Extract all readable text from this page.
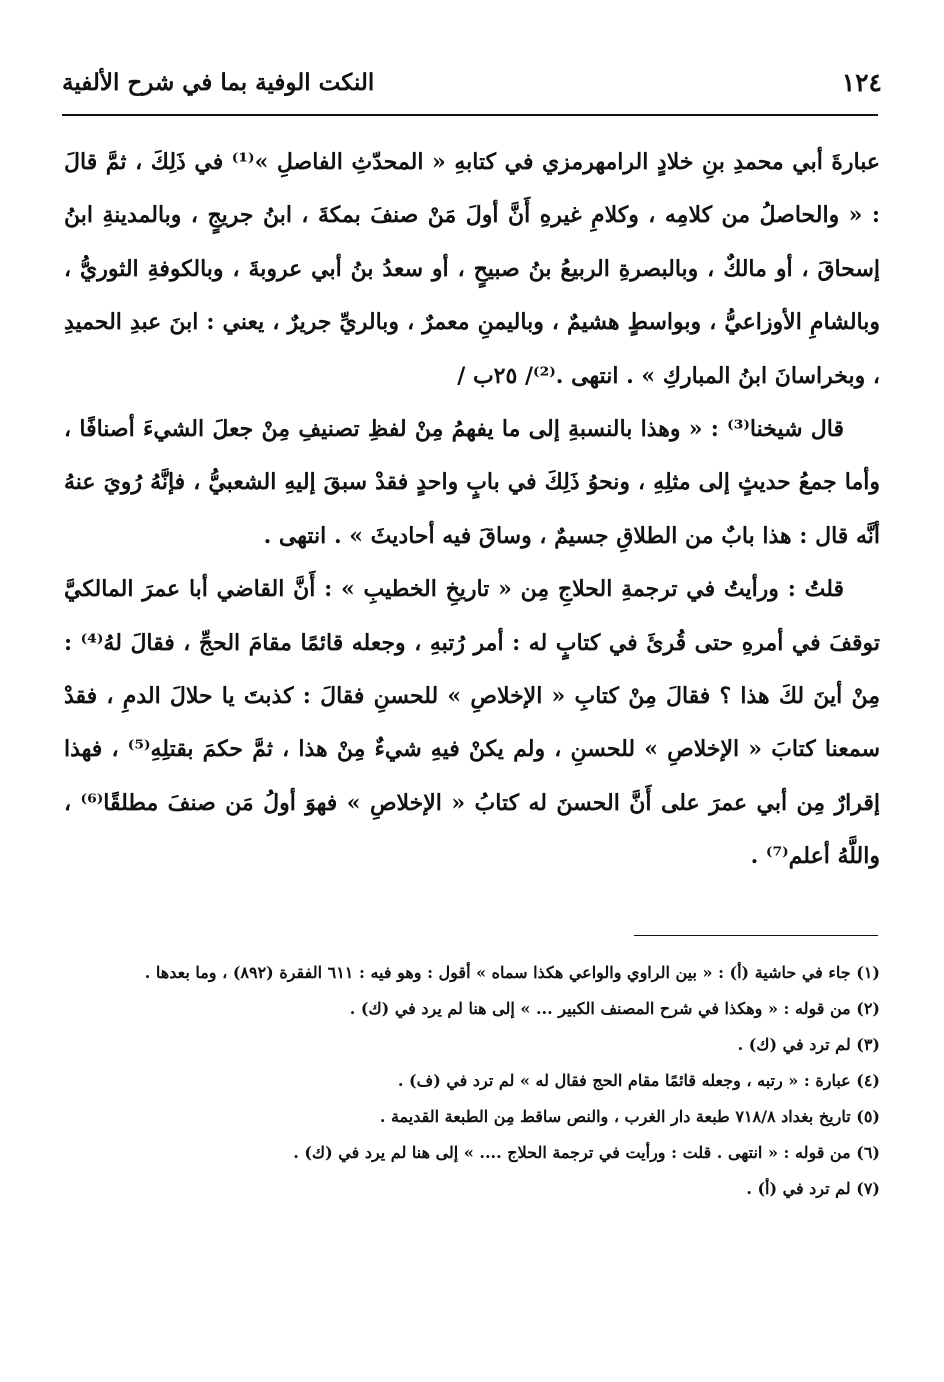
١٢٤
النكت الوفية بما في شرح الألفية

عبارةَ أبي محمدِ بنِ خلادٍ الرامهرمزي في كتابهِ « المحدّثِ الفاصلِ »⁽¹⁾ في ذَلِكَ ، ثمَّ قالَ : « والحاصلُ من كلامِه ، وكلامِ غيرهِ أَنَّ أولَ مَنْ صنفَ بمكةَ ، ابنُ جريجٍ ، وبالمدينةِ ابنُ إسحاقَ ، أو مالكٌ ، وبالبصرةِ الربيعُ بنُ صبيحٍ ، أو سعدُ بنُ أبي عروبةَ ، وبالكوفةِ الثوريُّ ، وبالشامِ الأوزاعيُّ ، وبواسطٍ هشيمٌ ، وباليمنِ معمرٌ ، وبالريِّ جريرٌ ، يعني : ابنَ عبدِ الحميدِ ، وبخراسانَ ابنُ المباركِ » . انتهى .⁽²⁾/ ٢٥ب /

قال شيخنا⁽³⁾ : « وهذا بالنسبةِ إلى ما يفهمُ مِنْ لفظِ تصنيفِ مِنْ جعلَ الشيءَ أصنافًا ، وأما جمعُ حديثٍ إلى مثلِهِ ، ونحوُ ذَلِكَ في بابٍ واحدٍ فقدْ سبقَ إليهِ الشعبيُّ ، فإنَّهُ رُويَ عنهُ أنَّه قال : هذا بابٌ من الطلاقِ جسيمٌ ، وساقَ فيه أحاديثَ » . انتهى .

قلتُ : ورأيتُ في ترجمةِ الحلاجِ مِن « تاريخِ الخطيبِ » : أَنَّ القاضي أبا عمرَ المالكيَّ توقفَ في أمرهِ حتى قُرئَ في كتابٍ له : أمر رُتبهِ ، وجعله قائمًا مقامَ الحجِّ ، فقالَ لهُ⁽⁴⁾ : مِنْ أينَ لكَ هذا ؟ فقالَ مِنْ كتابِ « الإخلاصِ » للحسنِ فقالَ : كذبتَ يا حلالَ الدمِ ، فقدْ سمعنا كتابَ « الإخلاصِ » للحسنِ ، ولم يكنْ فيهِ شيءٌ مِنْ هذا ، ثمَّ حكمَ بقتلِهِ⁽⁵⁾ ، فهذا إقرارٌ مِن أبي عمرَ على أَنَّ الحسنَ له كتابُ « الإخلاصِ » فهوَ أولُ مَن صنفَ مطلقًا⁽⁶⁾ ، واللَّهُ أعلم⁽⁷⁾ .

(١) جاء في حاشية (أ) : « بين الراوي والواعي هكذا سماه » أقول : وهو فيه : ٦١١ الفقرة (٨٩٢) ، وما بعدها .

(٢) من قوله : « وهكذا في شرح المصنف الكبير ... » إلى هنا لم يرد في (ك) .

(٣) لم ترد في (ك) .

(٤) عبارة : « رتبه ، وجعله قائمًا مقام الحج فقال له » لم ترد في (ف) .

(٥) تاريخ بغداد ٧١٨/٨ طبعة دار الغرب ، والنص ساقط مِن الطبعة القديمة .

(٦) من قوله : « انتهى . قلت : ورأيت في ترجمة الحلاج .... » إلى هنا لم يرد في (ك) .

(٧) لم ترد في (أ) .
